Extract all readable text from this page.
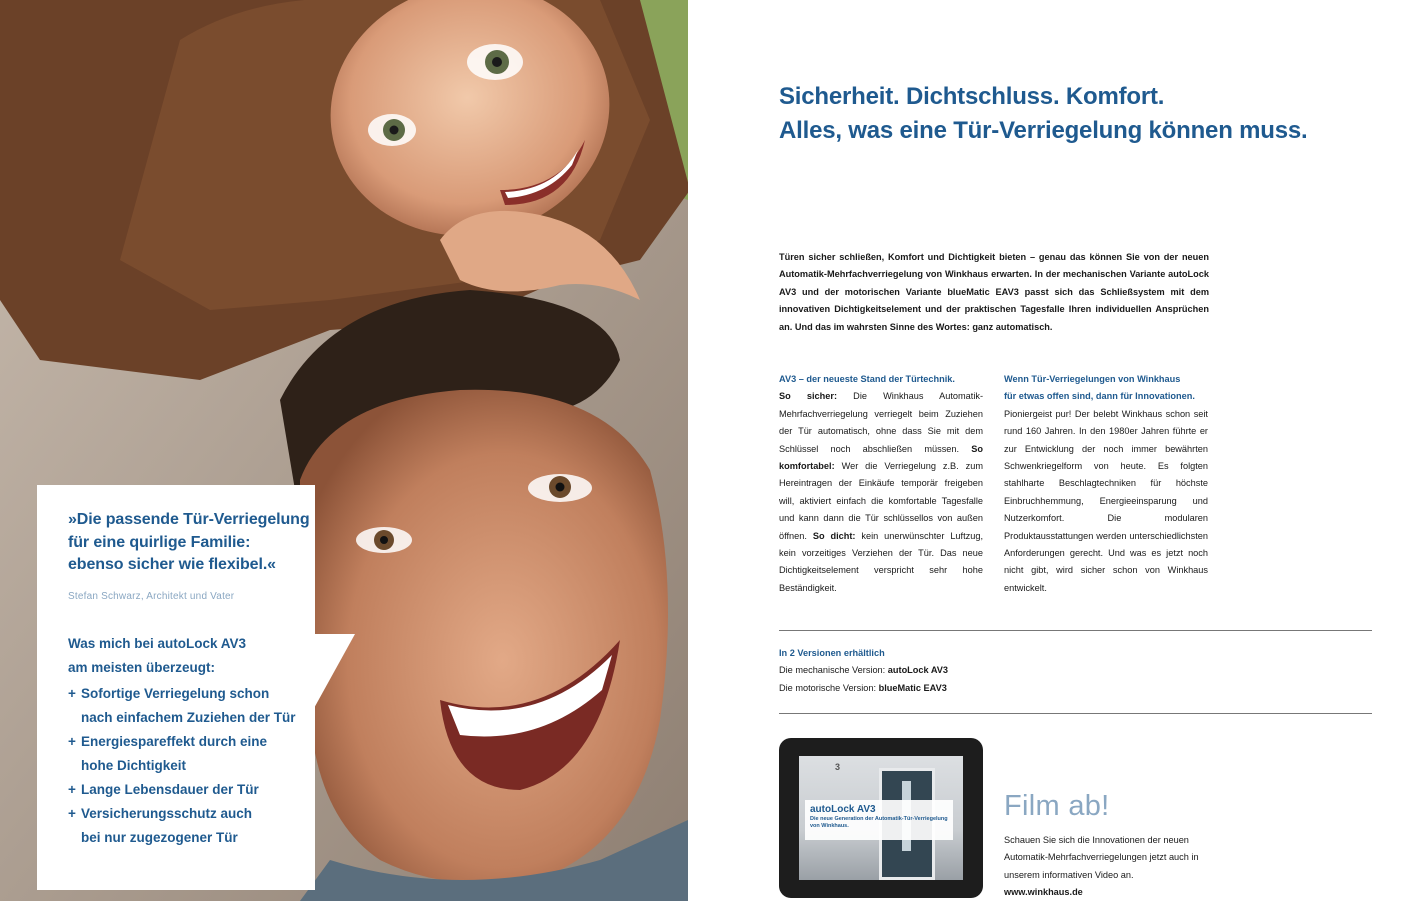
»Die passende Tür-Verriegelung
für eine quirlige Familie:
ebenso sicher wie flexibel.«
Stefan Schwarz, Architekt und Vater
Was mich bei autoLock AV3
am meisten überzeugt:
+ Sofortige Verriegelung schon
nach einfachem Zuziehen der Tür
+ Energiespareffekt durch eine
hohe Dichtigkeit
+ Lange Lebensdauer der Tür
+ Versicherungsschutz auch
bei nur zugezogener Tür
Sicherheit. Dichtschluss. Komfort.
Alles, was eine Tür-Verriegelung können muss.

Türen sicher schließen, Komfort und Dichtigkeit bieten – genau das können Sie von der neuen Automatik-Mehrfachverriegelung von Winkhaus erwarten. In der mechanischen Variante autoLock AV3 und der motorischen Variante blueMatic EAV3 passt sich das Schließsystem mit dem innovativen Dichtigkeitselement und der praktischen Tagesfalle Ihren individuellen Ansprüchen an. Und das im wahrsten Sinne des Wortes: ganz automatisch.

AV3 – der neueste Stand der Türtechnik.

So sicher: Die Winkhaus Automatik-Mehrfachverriegelung verriegelt beim Zuziehen der Tür automatisch, ohne dass Sie mit dem Schlüssel noch abschließen müssen. So komfortabel: Wer die Verriegelung z.B. zum Hereintragen der Einkäufe temporär freigeben will, aktiviert einfach die komfortable Tagesfalle und kann dann die Tür schlüssellos von außen öffnen. So dicht: kein unerwünschter Luftzug, kein vorzeitiges Verziehen der Tür. Das neue Dichtigkeitselement verspricht sehr hohe Beständigkeit.

Wenn Tür-Verriegelungen von Winkhaus
für etwas offen sind, dann für Innovationen.

Pioniergeist pur! Der belebt Winkhaus schon seit rund 160 Jahren. In den 1980er Jahren führte er zur Entwicklung der noch immer bewährten Schwenkriegelform von heute. Es folgten stahlharte Beschlagtechniken für höchste Einbruchhemmung, Energieeinsparung und Nutzerkomfort. Die modularen Produktausstattungen werden unterschiedlichsten Anforderungen gerecht. Und was es jetzt noch nicht gibt, wird sicher schon von Winkhaus entwickelt.

In 2 Versionen erhältlich
Die mechanische Version: autoLock AV3
Die motorische Version: blueMatic EAV3
3
autoLock AV3
Die neue Generation der Automatik-Tür-Verriegelung von Winkhaus.
Film ab!
Schauen Sie sich die Innovationen der neuen Automatik-Mehrfachverriegelungen jetzt auch in unserem informativen Video an.
www.winkhaus.de
